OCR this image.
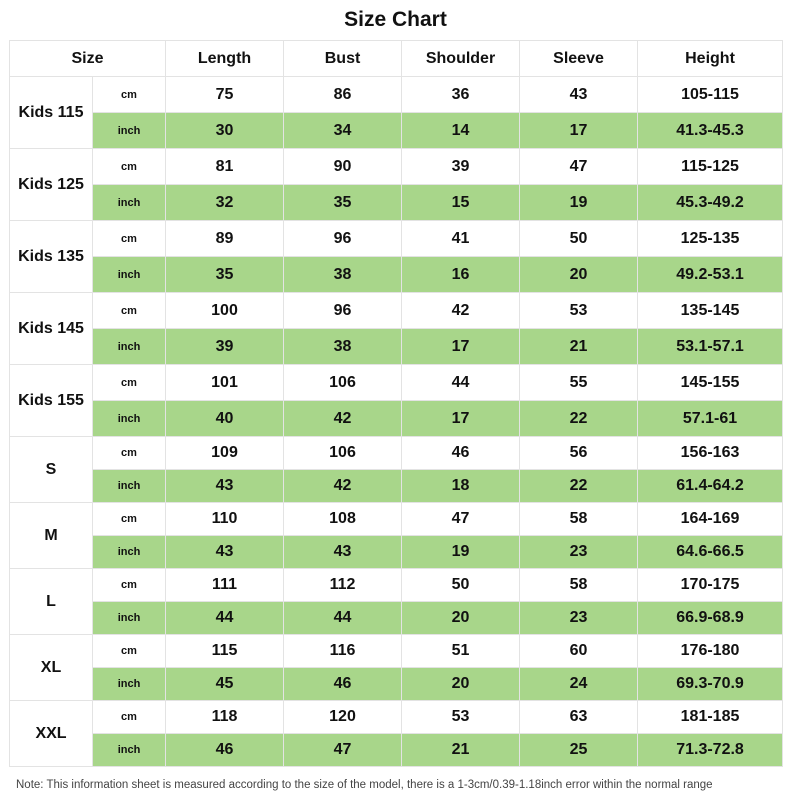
Size Chart
Size		Length	Bust	Shoulder	Sleeve	Height
Kids 115	cm	75	86	36	43	105-115
	inch	30	34	14	17	41.3-45.3
Kids 125	cm	81	90	39	47	115-125
	inch	32	35	15	19	45.3-49.2
Kids 135	cm	89	96	41	50	125-135
	inch	35	38	16	20	49.2-53.1
Kids 145	cm	100	96	42	53	135-145
	inch	39	38	17	21	53.1-57.1
Kids 155	cm	101	106	44	55	145-155
	inch	40	42	17	22	57.1-61
S	cm	109	106	46	56	156-163
	inch	43	42	18	22	61.4-64.2
M	cm	110	108	47	58	164-169
	inch	43	43	19	23	64.6-66.5
L	cm	111	112	50	58	170-175
	inch	44	44	20	23	66.9-68.9
XL	cm	115	116	51	60	176-180
	inch	45	46	20	24	69.3-70.9
XXL	cm	118	120	53	63	181-185
	inch	46	47	21	25	71.3-72.8
Note: This information sheet is measured according to the size of the model, there is a 1-3cm/0.39-1.18inch error within the normal range
